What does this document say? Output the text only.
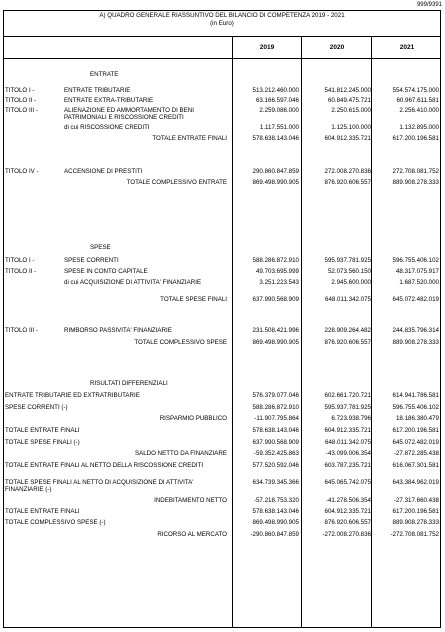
999/9391
A) QUADRO GENERALE RIASSUNTIVO DEL BILANCIO DI COMPETENZA 2019 - 2021
(in Euro)
2019	2020	2021
ENTRATE
SPESE
RISULTATI DIFFERENZIALI
TITOLO I -	ENTRATE TRIBUTARIE	513.212.460.000	541.812.245.000	554.574.175.000
TITOLO II -	ENTRATE EXTRA-TRIBUTARIE	63.166.597.046	60.849.475.721	60.967.611.581
TITOLO III -	ALIENAZIONE ED AMMORTAMENTO DI BENI PATRIMONIALI E RISCOSSIONE CREDITI
2.259.086.000	2.250.615.000	2.256.410.000
di cui RISCOSSIONE CREDITI	1.117.551.000	1.125.100.000	1.132.895.000
TOTALE ENTRATE FINALI	578.638.143.046	604.912.335.721	617.200.196.581
TITOLO IV -	ACCENSIONE DI PRESTITI	290.860.847.859	272.008.270.836	272.708.081.752
TOTALE COMPLESSIVO ENTRATE	869.498.990.905	876.920.606.557	889.908.278.333
TITOLO I -	SPESE CORRENTI	588.286.872.910	595.937.781.925	596.755.406.102
TITOLO II -	SPESE IN CONTO CAPITALE	49.703.695.999	52.073.560.150	48.317.075.917
di cui ACQUISIZIONE DI ATTIVITA' FINANZIARIE	3.251.223.543	2.945.600.000	1.687.520.000
TOTALE SPESE FINALI	637.990.568.909	648.011.342.075	645.072.482.019
TITOLO III -	RIMBORSO PASSIVITA' FINANZIARIE	231.508.421.996	228.909.264.482	244.835.796.314
TOTALE COMPLESSIVO SPESE	869.498.990.905	876.920.606.557	889.908.278.333
ENTRATE TRIBUTARIE ED EXTRATRIBUTARIE	576.379.077.046	602.661.720.721	614.941.786.581
SPESE CORRENTI (-)	588.286.872.910	595.937.781.925	596.755.406.102
RISPARMIO PUBBLICO	-11.907.795.864	6.723.938.796	18.186.380.479
TOTALE ENTRATE FINALI	578.638.143.046	604.912.335.721	617.200.196.581
TOTALE SPESE FINALI (-)	637.990.568.909	648.011.342.075	645.072.482.019
SALDO NETTO DA FINANZIARE	-59.352.425.863	-43.099.006.354	-27.872.285.438
TOTALE ENTRATE FINALI AL NETTO DELLA RISCOSSIONE CREDITI	577.520.592.046	603.787.235.721	616.067.301.581
TOTALE SPESE FINALI AL NETTO DI ACQUISIZIONE DI ATTIVITA' FINANZIARIE (-)
634.739.345.366	645.065.742.075	643.384.962.019
INDEBITAMENTO NETTO	-57.218.753.320	-41.278.506.354	-27.317.660.438
TOTALE ENTRATE FINALI	578.638.143.046	604.912.335.721	617.200.196.581
TOTALE COMPLESSIVO SPESE (-)	869.498.990.905	876.920.606.557	889.908.278.333
RICORSO AL MERCATO	-290.860.847.859	-272.008.270.836	-272.708.081.752
